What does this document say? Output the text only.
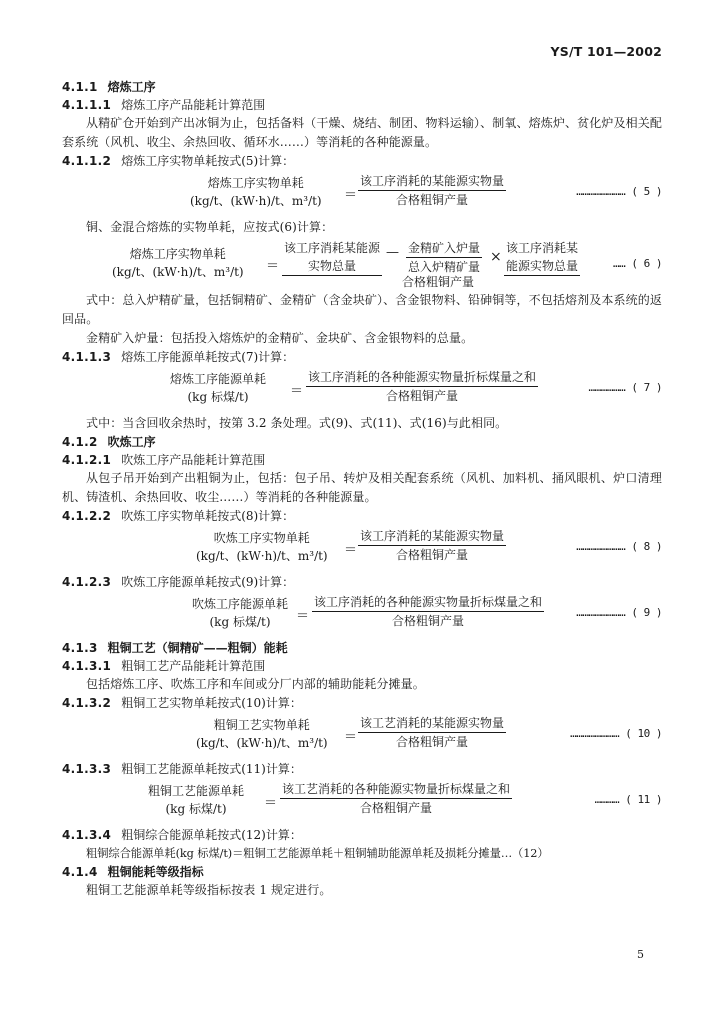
YS/T 101—2002
4.1.1 熔炼工序
4.1.1.1 熔炼工序产品能耗计算范围

从精矿仓开始到产出冰铜为止，包括备料（干燥、烧结、制团、物料运输）、制氧、熔炼炉、贫化炉及相关配套系统（风机、收尘、余热回收、循环水……）等消耗的各种能源量。

4.1.1.2 熔炼工序实物单耗按式(5)计算：
熔炼工序实物单耗
(kg/t、(kW·h)/t、m³/t) ＝
该工序消耗的某能源实物量
合格粗铜产量
…………………… ( 5 )

铜、金混合熔炼的实物单耗，应按式(6)计算：

熔炼工序实物单耗
(kg/t、(kW·h)/t、m³/t) ＝
该工序消耗某能源
实物总量
— 金精矿入炉量
总入炉精矿量
×
该工序消耗某
能源实物总量
合格粗铜产量
…… ( 6 )

式中：总入炉精矿量，包括铜精矿、金精矿（含金块矿）、含金银物料、铅砷铜等，不包括熔剂及本系统的返回品。

金精矿入炉量：包括投入熔炼炉的金精矿、金块矿、含金银物料的总量。

4.1.1.3 熔炼工序能源单耗按式(7)计算：
熔炼工序能源单耗
(kg 标煤/t)	＝
该工序消耗的各种能源实物量折标煤量之和
合格粗铜产量
……………… ( 7 )

式中：当含回收余热时，按第 3.2 条处理。式(9)、式(11)、式(16)与此相同。

4.1.2 吹炼工序
4.1.2.1 吹炼工序产品能耗计算范围

从包子吊开始到产出粗铜为止，包括：包子吊、转炉及相关配套系统（风机、加料机、捅风眼机、炉口清理机、铸渣机、余热回收、收尘……）等消耗的各种能源量。

4.1.2.2 吹炼工序实物单耗按式(8)计算：
吹炼工序实物单耗
(kg/t、(kW·h)/t、m³/t) ＝
该工序消耗的某能源实物量
合格粗铜产量
…………………… ( 8 )
4.1.2.3 吹炼工序能源单耗按式(9)计算：
吹炼工序能源单耗
(kg 标煤/t)	＝
该工序消耗的各种能源实物量折标煤量之和
合格粗铜产量
…………………… ( 9 )
4.1.3 粗铜工艺（铜精矿——粗铜）能耗
4.1.3.1 粗铜工艺产品能耗计算范围

包括熔炼工序、吹炼工序和车间或分厂内部的辅助能耗分摊量。

4.1.3.2 粗铜工艺实物单耗按式(10)计算：
粗铜工艺实物单耗
(kg/t、(kW·h)/t、m³/t) ＝
该工艺消耗的某能源实物量
合格粗铜产量
…………………… ( 10 )
4.1.3.3 粗铜工艺能源单耗按式(11)计算：
粗铜工艺能源单耗
(kg 标煤/t)	＝
该工艺消耗的各种能源实物量折标煤量之和
合格粗铜产量
………… ( 11 )
4.1.3.4 粗铜综合能源单耗按式(12)计算：
粗铜综合能源单耗(kg 标煤/t)＝粗铜工艺能源单耗＋粗铜辅助能源单耗及损耗分摊量…（12）
4.1.4 粗铜能耗等级指标

粗铜工艺能源单耗等级指标按表 1 规定进行。

5
